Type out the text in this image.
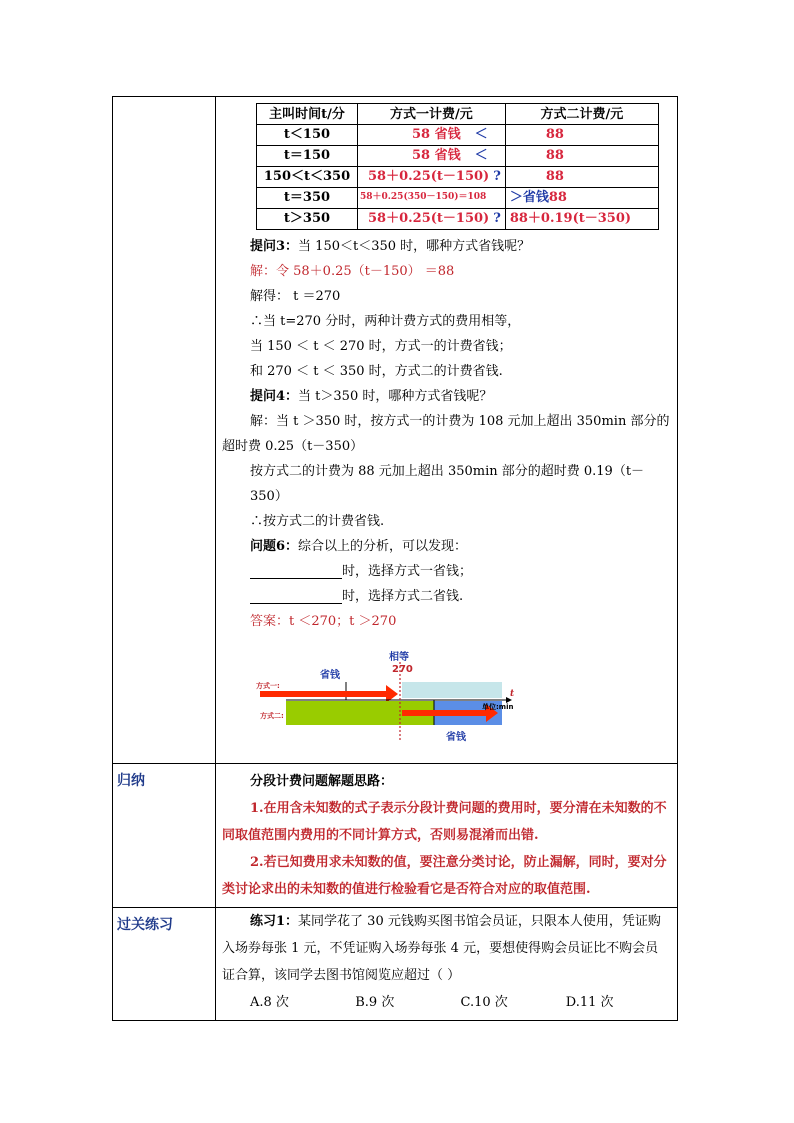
主叫时间t/分	方式一计费/元	方式二计费/元
t＜150	58 省钱 ＜	88
t＝150	58 省钱 ＜	88
150＜t＜350	58＋0.25(t－150) ?	88
t＝350	58＋0.25(350－150)＝108	＞省钱88
t＞350	58＋0.25(t－150) ?	88＋0.19(t－350)

提问3：当 150＜t＜350 时，哪种方式省钱呢？

解：令 58＋0.25（t－150） ＝88

解得： t ＝270

∴当 t=270 分时，两种计费方式的费用相等，

当 150 ＜ t ＜ 270 时，方式一的计费省钱；

和 270 ＜ t ＜ 350 时，方式二的计费省钱.

提问4：当 t＞350 时，哪种方式省钱呢？

解：当 t ＞350 时，按方式一的计费为 108 元加上超出 350min 部分的

超时费 0.25（t－350）

按方式二的计费为 88 元加上超出 350min 部分的超时费 0.19（t－350）

∴按方式二的计费省钱.

问题6：综合以上的分析，可以发现：

时，选择方式一省钱；

时，选择方式二省钱.

答案：t ＜270；t ＞270

相等
270
省钱
方式一:
t
方式二:
单位:min
省钱

归纳	分段计费问题解题思路：

1.在用含未知数的式子表示分段计费问题的费用时，要分清在未知数的不同取值范围内费用的不同计算方式，否则易混淆而出错.

2.若已知费用求未知数的值，要注意分类讨论，防止漏解，同时，要对分类讨论求出的未知数的值进行检验看它是否符合对应的取值范围.

过关练习	练习1：某同学花了 30 元钱购买图书馆会员证，只限本人使用，凭证购入场券每张 1 元，不凭证购入场券每张 4 元，要想使得购会员证比不购会员证合算，该同学去图书馆阅览应超过（ ）

A.8 次	B.9 次	C.10 次	D.11 次
